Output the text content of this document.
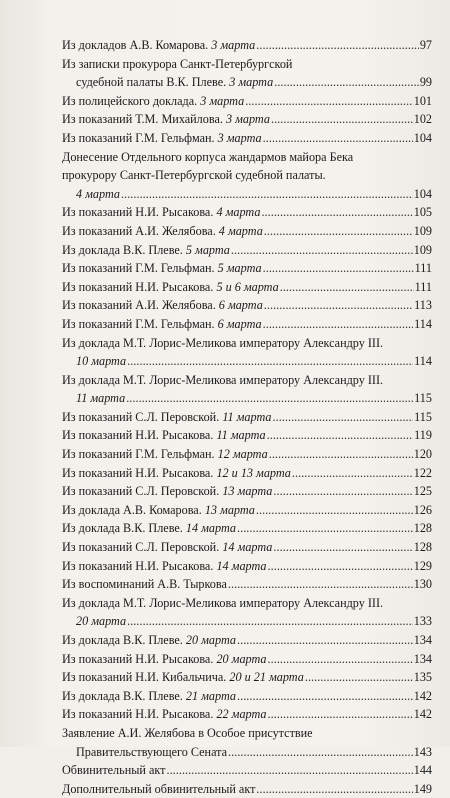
Из докладов А.В. Комарова. 3 марта . . .	97
Из записки прокурора Санкт-Петербургской
судебной палаты В.К. Плеве. 3 марта . . .	99
Из полицейского доклада. 3 марта . . .	101
Из показаний Т.М. Михайлова. 3 марта . . .	102
Из показаний Г.М. Гельфман. 3 марта . . .	104
Донесение Отдельного корпуса жандармов майора Бека
прокурору Санкт-Петербургской судебной палаты.
4 марта . . .	104
Из показаний Н.И. Рысакова. 4 марта . . .	105
Из показаний А.И. Желябова. 4 марта . . .	109
Из доклада В.К. Плеве. 5 марта . . .	109
Из показаний Г.М. Гельфман. 5 марта . . .	111
Из показаний Н.И. Рысакова. 5 и 6 марта . . .	111
Из показаний А.И. Желябова. 6 марта . . .	113
Из показаний Г.М. Гельфман. 6 марта . . .	114
Из доклада М.Т. Лорис-Меликова императору Александру III.
10 марта . . .	114
Из доклада М.Т. Лорис-Меликова императору Александру III.
11 марта . . .	115
Из показаний С.Л. Перовской. 11 марта . . .	115
Из показаний Н.И. Рысакова. 11 марта . . .	119
Из показаний Г.М. Гельфман. 12 марта . . .	120
Из показаний Н.И. Рысакова. 12 и 13 марта . . .	122
Из показаний С.Л. Перовской. 13 марта . . .	125
Из доклада А.В. Комарова. 13 марта . . .	126
Из доклада В.К. Плеве. 14 марта . . .	128
Из показаний С.Л. Перовской. 14 марта . . .	128
Из показаний Н.И. Рысакова. 14 марта . . .	129
Из воспоминаний А.В. Тыркова . . .	130
Из доклада М.Т. Лорис-Меликова императору Александру III.
20 марта . . .	133
Из доклада В.К. Плеве. 20 марта . . .	134
Из показаний Н.И. Рысакова. 20 марта . . .	134
Из показаний Н.И. Кибальчича. 20 и 21 марта . . .	135
Из доклада В.К. Плеве. 21 марта . . .	142
Из показаний Н.И. Рысакова. 22 марта . . .	142
Заявление А.И. Желябова в Особое присутствие
Правительствующего Сената . . .	143
Обвинительный акт . . .	144
Дополнительный обвинительный акт . . .	149
